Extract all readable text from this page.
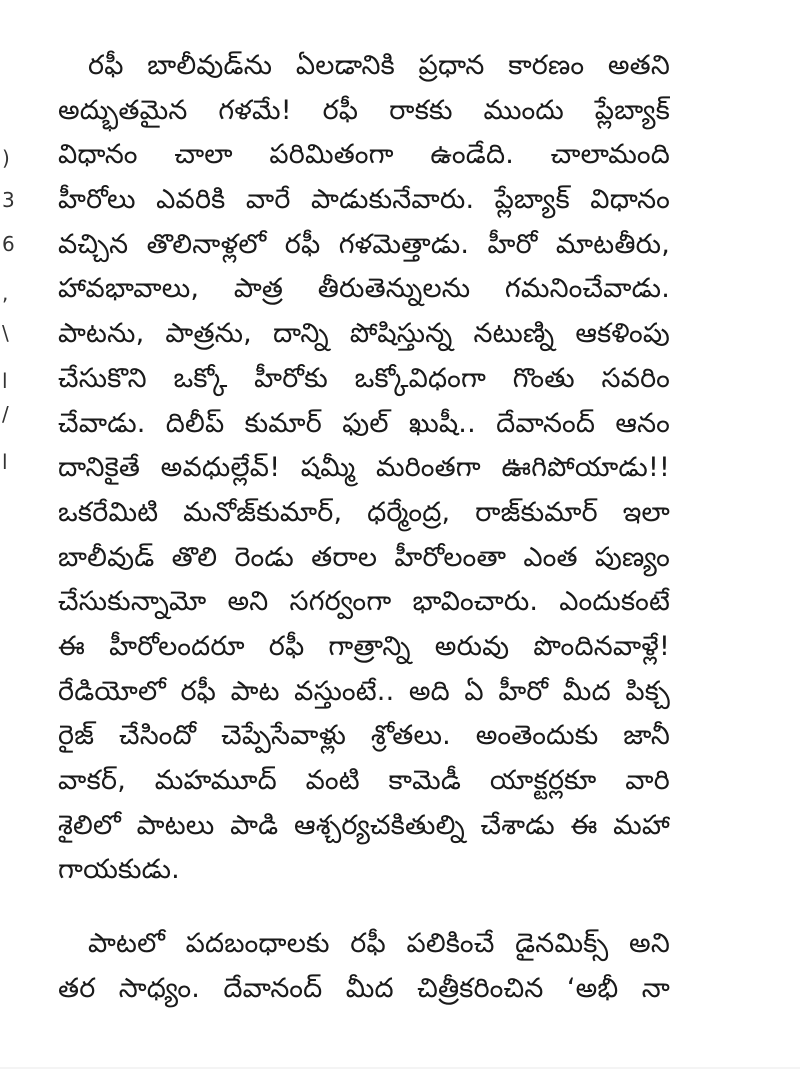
)
3
6
,
\
l
/
l
రఫీ బాలీవుడ్‌ను ఏలడానికి ప్రధాన కారణం అతని
అద్భుతమైన గళమే! రఫీ రాకకు ముందు ప్లేబ్యాక్
విధానం చాలా పరిమితంగా ఉండేది. చాలామంది
హీరోలు ఎవరికి వారే పాడుకునేవారు. ప్లేబ్యాక్ విధానం
వచ్చిన తొలినాళ్లలో రఫీ గళమెత్తాడు. హీరో మాటతీరు,
హావభావాలు, పాత్ర తీరుతెన్నులను గమనించేవాడు.
పాటను, పాత్రను, దాన్ని పోషిస్తున్న నటుణ్ని ఆకళింపు
చేసుకొని ఒక్కో హీరోకు ఒక్కోవిధంగా గొంతు సవరిం
చేవాడు. దిలీప్ కుమార్ ఫుల్ ఖుషీ.. దేవానంద్ ఆనం
దానికైతే అవధుల్లేవ్! షమ్మీ మరింతగా ఊగిపోయాడు!!
ఒకరేమిటి మనోజ్‌కుమార్, ధర్మేంద్ర, రాజ్‌కుమార్ ఇలా
బాలీవుడ్ తొలి రెండు తరాల హీరోలంతా ఎంత పుణ్యం
చేసుకున్నామో అని సగర్వంగా భావించారు. ఎందుకంటే
ఈ హీరోలందరూ రఫీ గాత్రాన్ని అరువు పొందినవాళ్లే!
రేడియోలో రఫీ పాట వస్తుంటే.. అది ఏ హీరో మీద పిక్చ
రైజ్ చేసిందో చెప్పేసేవాళ్లు శ్రోతలు. అంతెందుకు జానీ
వాకర్, మహమూద్ వంటి కామెడీ యాక్టర్లకూ వారి
శైలిలో పాటలు పాడి ఆశ్చర్యచకితుల్ని చేశాడు ఈ మహా
గాయకుడు.
పాటలో పదబంధాలకు రఫీ పలికించే డైనమిక్స్ అని
తర సాధ్యం. దేవానంద్ మీద చిత్రీకరించిన ‘అభీ నా
